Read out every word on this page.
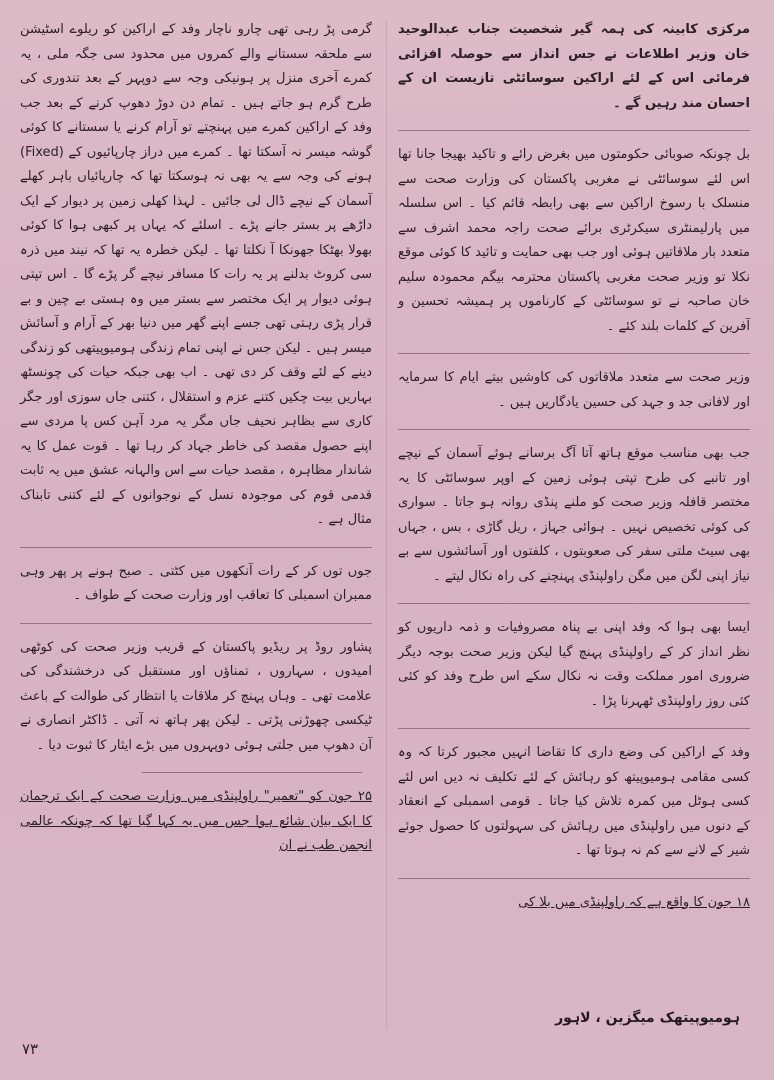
مرکزی کابینہ کی ہمہ گیر شخصیت جناب عبدالوحید خان وزیر اطلاعات نے جس انداز سے حوصلہ افزائی فرمائی اس کے لئے اراکین سوسائٹی تازیست ان کے احسان مند رہیں گے ۔

بل چونکہ صوبائی حکومتوں میں بغرض رائے و تاکید بھیجا جانا تھا اس لئے سوسائٹی نے مغربی پاکستان کی وزارت صحت سے منسلک با رسوخ اراکین سے بھی رابطہ قائم کیا ۔ اس سلسلہ میں پارلیمنٹری سیکرٹری برائے صحت راجہ محمد اشرف سے متعدد بار ملاقاتیں ہوئی اور جب بھی حمایت و تائید کا کوئی موقع نکلا تو وزیر صحت مغربی پاکستان محترمہ بیگم محمودہ سلیم خان صاحبہ نے تو سوسائٹی کے کارناموں پر ہمیشہ تحسین و آفرین کے کلمات بلند کئے ۔

وزیر صحت سے متعدد ملاقاتوں کی کاوشیں بیتے ایام کا سرمایہ اور لافانی جد و جہد کی حسین یادگاریں ہیں ۔

جب بھی مناسب موقع ہاتھ آتا آگ برسانے ہوئے آسمان کے نیچے اور تانبے کی طرح تپتی ہوئی زمین کے اوپر سوسائٹی کا یہ مختصر قافلہ وزیر صحت کو ملنے پنڈی روانہ ہو جاتا ۔ سواری کی کوئی تخصیص نہیں ۔ ہوائی جہاز ، ریل گاڑی ، بس ، جہاں بھی سیٹ ملتی سفر کی صعوبتوں ، کلفتوں اور آسائشوں سے بے نیاز اپنی لگن میں مگن راولپنڈی پہنچنے کی راہ نکال لیتے ۔

ایسا بھی ہوا کہ وفد اپنی بے پناہ مصروفیات و ذمہ داریوں کو نظر انداز کر کے راولپنڈی پہنچ گیا لیکن وزیر صحت بوجہ دیگر ضروری امور مملکت وقت نہ نکال سکے اس طرح وفد کو کئی کئی روز راولپنڈی ٹھہرنا پڑا ۔

وفد کے اراکین کی وضع داری کا تقاضا انہیں مجبور کرتا کہ وہ کسی مقامی ہومیوپیتھ کو رہائش کے لئے تکلیف نہ دیں اس لئے کسی ہوٹل میں کمرہ تلاش کیا جاتا ۔ قومی اسمبلی کے انعقاد کے دنوں میں راولپنڈی میں رہائش کی سہولتوں کا حصول جوئے شیر کے لانے سے کم نہ ہوتا تھا ۔

۱۸ جون کا واقع ہے کہ راولپنڈی میں بلا کی

گرمی پڑ رہی تھی چارو ناچار وفد کے اراکین کو ریلوے اسٹیشن سے ملحقہ سستانے والے کمروں میں محدود سی جگہ ملی ، یہ کمرے آخری منزل پر ہونیکی وجہ سے دوپہر کے بعد تندوری کی طرح گرم ہو جاتے ہیں ۔ تمام دن دوڑ دھوپ کرنے کے بعد جب وفد کے اراکین کمرے میں پہنچتے تو آرام کرنے یا سستانے کا کوئی گوشہ میسر نہ آسکتا تھا ۔ کمرے میں دراز چارپائیوں کے (Fixed) ہونے کی وجہ سے یہ بھی نہ ہوسکتا تھا کہ چارپائیاں باہر کھلے آسمان کے نیچے ڈال لی جائیں ۔ لہذا کھلی زمین پر دیوار کے ایک داڑھے پر بستر جانے پڑے ۔ اسلئے کہ یہاں پر کبھی ہوا کا کوئی بھولا بھٹکا جھونکا آ نکلتا تھا ۔ لیکن خطرہ یہ تھا کہ نیند میں ذرہ سی کروٹ بدلنے پر یہ رات کا مسافر نیچے گر پڑے گا ۔ اس تپتی ہوئی دیوار پر ایک مختصر سے بستر میں وہ ہستی بے چین و بے قرار پڑی رہتی تھی جسے اپنے گھر میں دنیا بھر کے آرام و آسائش میسر ہیں ۔ لیکن جس نے اپنی تمام زندگی ہومیوپیتھی کو زندگی دینے کے لئے وقف کر دی تھی ۔ اب بھی جبکہ حیات کی چونسٹھ بہاریں بیت چکیں کتنے عزم و استقلال ، کتنی جاں سوزی اور جگر کاری سے بظاہر نحیف جاں مگر یہ مرد آہن کس پا مردی سے اپنے حصول مقصد کی خاطر جہاد کر رہا تھا ۔ قوت عمل کا یہ شاندار مظاہرہ ، مقصد حیات سے اس والہانہ عشق میں یہ ثابت قدمی قوم کی موجودہ نسل کے نوجوانوں کے لئے کتنی تابناک مثال ہے ۔

جوں توں کر کے رات آنکھوں میں کٹتی ۔ صبح ہونے پر پھر وہی ممبران اسمبلی کا تعاقب اور وزارت صحت کے طواف ۔

پشاور روڈ پر ریڈیو پاکستان کے قریب وزیر صحت کی کوٹھی امیدوں ، سہاروں ، تمناؤں اور مستقبل کی درخشندگی کی علامت تھی ۔ وہاں پہنچ کر ملاقات یا انتظار کی طوالت کے باعث ٹیکسی چھوڑنی پڑتی ۔ لیکن پھر ہاتھ نہ آتی ۔ ڈاکٹر انصاری نے آن دھوپ میں جلتی ہوئی دوپہروں میں بڑے ایثار کا ثبوت دیا ۔

۲۵ جون کو "تعمیر" راولپنڈی میں وزارت صحت کے ایک ترجمان کا ایک بیان شائع ہوا جس میں یہ کہا گیا تھا کہ چونکہ عالمی انجمن طب نے ان

ہومیوپیتھک میگزین ، لاہور
۷۳
